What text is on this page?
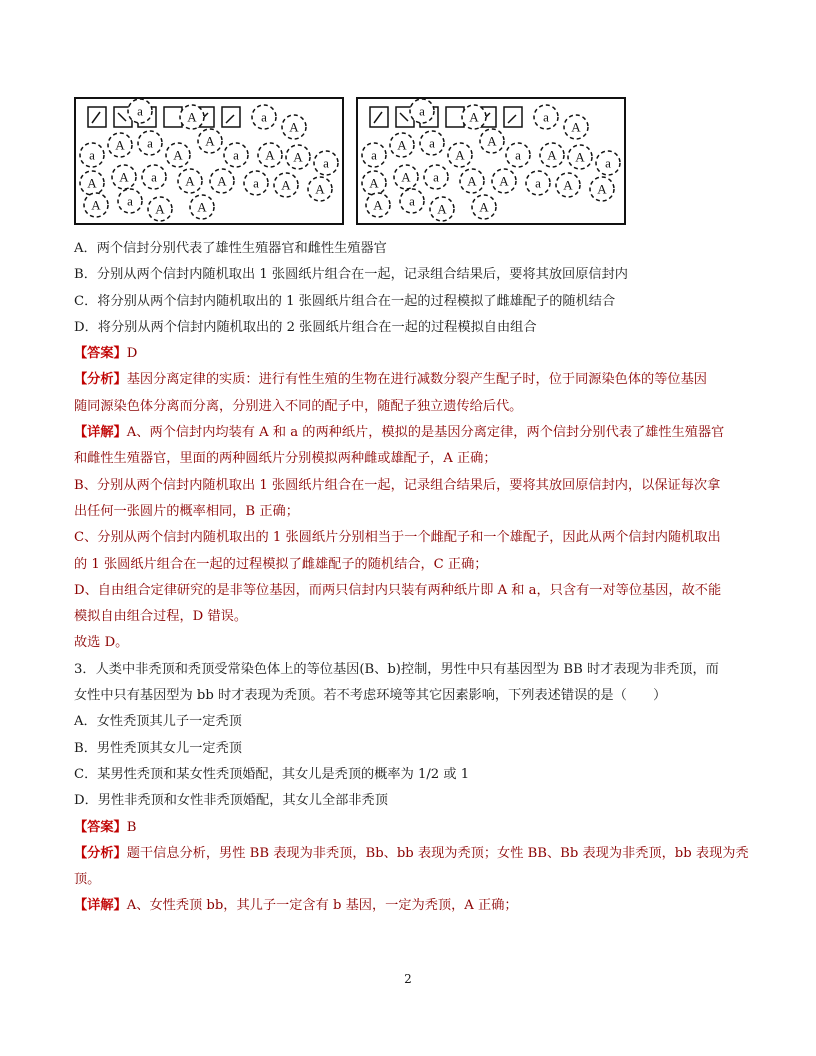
a	A	a
A
a
A a
A
A
a A A a
A A a A A a A A
A a
A	A
a	A	a
A
a
A a
A
A
a A A a
A A a A A a A A
A a
A	A
A．两个信封分别代表了雄性生殖器官和雌性生殖器官
B．分别从两个信封内随机取出 1 张圆纸片组合在一起，记录组合结果后，要将其放回原信封内
C．将分别从两个信封内随机取出的 1 张圆纸片组合在一起的过程模拟了雌雄配子的随机结合
D．将分别从两个信封内随机取出的 2 张圆纸片组合在一起的过程模拟自由组合
【答案】D
【分析】基因分离定律的实质：进行有性生殖的生物在进行减数分裂产生配子时，位于同源染色体的等位基因
随同源染色体分离而分离，分别进入不同的配子中，随配子独立遗传给后代。
【详解】A、两个信封内均装有 A 和 a 的两种纸片，模拟的是基因分离定律，两个信封分别代表了雄性生殖器官
和雌性生殖器官，里面的两种圆纸片分别模拟两种雌或雄配子，A 正确；
B、分别从两个信封内随机取出 1 张圆纸片组合在一起，记录组合结果后，要将其放回原信封内，以保证每次拿
出任何一张圆片的概率相同，B 正确；
C、分别从两个信封内随机取出的 1 张圆纸片分别相当于一个雌配子和一个雄配子，因此从两个信封内随机取出
的 1 张圆纸片组合在一起的过程模拟了雌雄配子的随机结合，C 正确；
D、自由组合定律研究的是非等位基因，而两只信封内只装有两种纸片即 A 和 a，只含有一对等位基因，故不能
模拟自由组合过程，D 错误。
故选 D。
3．人类中非秃顶和秃顶受常染色体上的等位基因(B、b)控制，男性中只有基因型为 BB 时才表现为非秃顶，而
女性中只有基因型为 bb 时才表现为秃顶。若不考虑环境等其它因素影响，下列表述错误的是（　　）
A．女性秃顶其儿子一定秃顶
B．男性秃顶其女儿一定秃顶
C．某男性秃顶和某女性秃顶婚配，其女儿是秃顶的概率为 1/2 或 1
D．男性非秃顶和女性非秃顶婚配，其女儿全部非秃顶
【答案】B
【分析】题干信息分析，男性 BB 表现为非秃顶，Bb、bb 表现为秃顶；女性 BB、Bb 表现为非秃顶，bb 表现为秃
顶。
【详解】A、女性秃顶 bb，其儿子一定含有 b 基因，一定为秃顶，A 正确；
2
